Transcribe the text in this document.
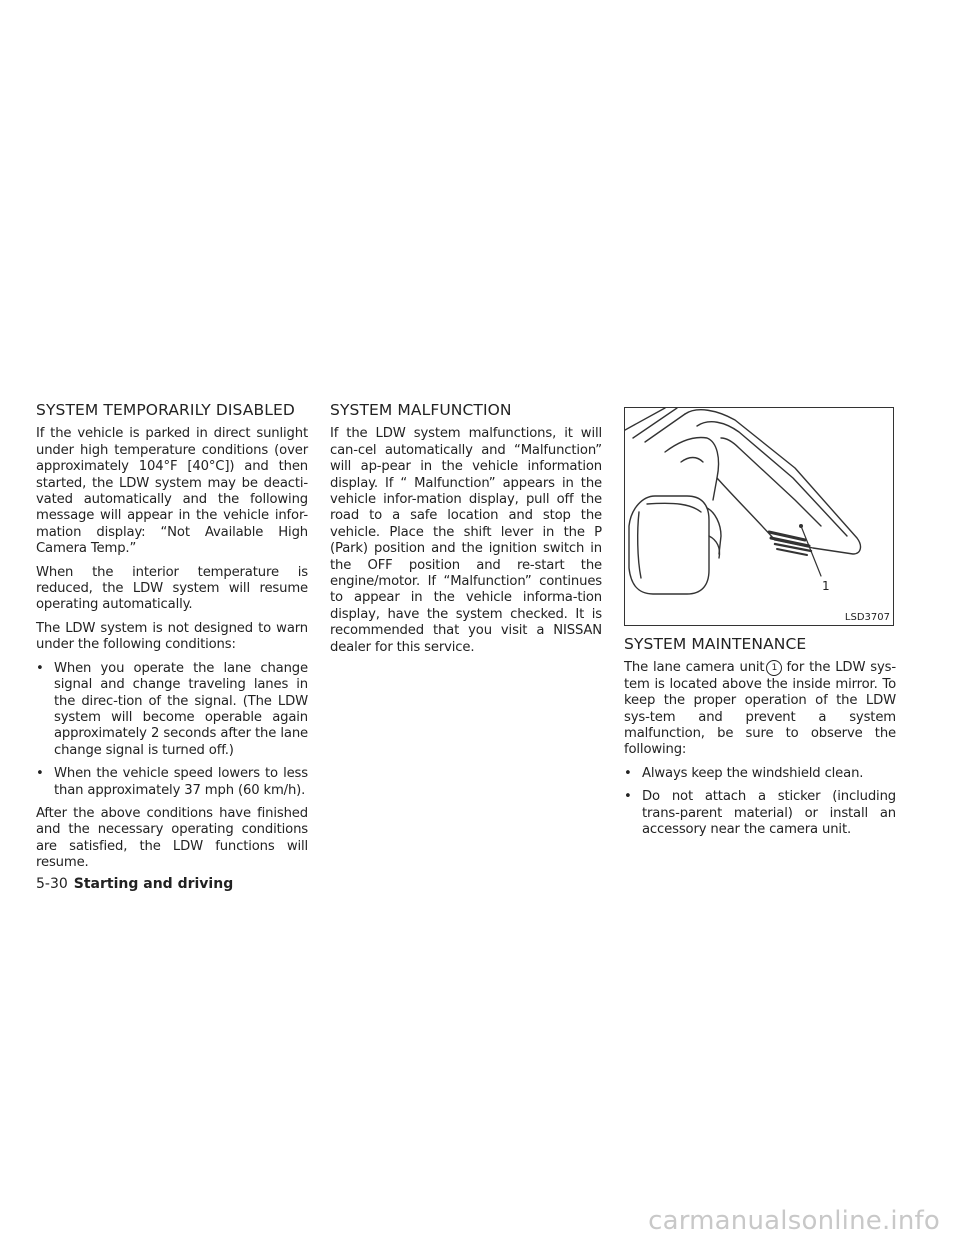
SYSTEM TEMPORARILY DISABLED

If the vehicle is parked in direct sunlight under high temperature conditions (over approximately 104°F [40°C]) and then started, the LDW system may be deacti-vated automatically and the following message will appear in the vehicle infor-mation display: “Not Available High Camera Temp.”

When the interior temperature is reduced, the LDW system will resume operating automatically.

The LDW system is not designed to warn under the following conditions:

• When you operate the lane change signal and change traveling lanes in the direc-tion of the signal. (The LDW system will become operable again approximately 2 seconds after the lane change signal is turned off.)
• When the vehicle speed lowers to less than approximately 37 mph (60 km/h).

After the above conditions have finished and the necessary operating conditions are satisfied, the LDW functions will resume.

SYSTEM MALFUNCTION

If the LDW system malfunctions, it will can-cel automatically and “Malfunction” will ap-pear in the vehicle information display. If “ Malfunction” appears in the vehicle infor-mation display, pull off the road to a safe location and stop the vehicle. Place the shift lever in the P (Park) position and the ignition switch in the OFF position and re-start the engine/motor. If “Malfunction” continues to appear in the vehicle informa-tion display, have the system checked. It is recommended that you visit a NISSAN dealer for this service.

1
LSD3707
SYSTEM MAINTENANCE

The lane camera unit 1 for the LDW sys-tem is located above the inside mirror. To keep the proper operation of the LDW sys-tem and prevent a system malfunction, be sure to observe the following:

• Always keep the windshield clean.
• Do not attach a sticker (including trans-parent material) or install an accessory near the camera unit.
5-30 Starting and driving
carmanualsonline.info
